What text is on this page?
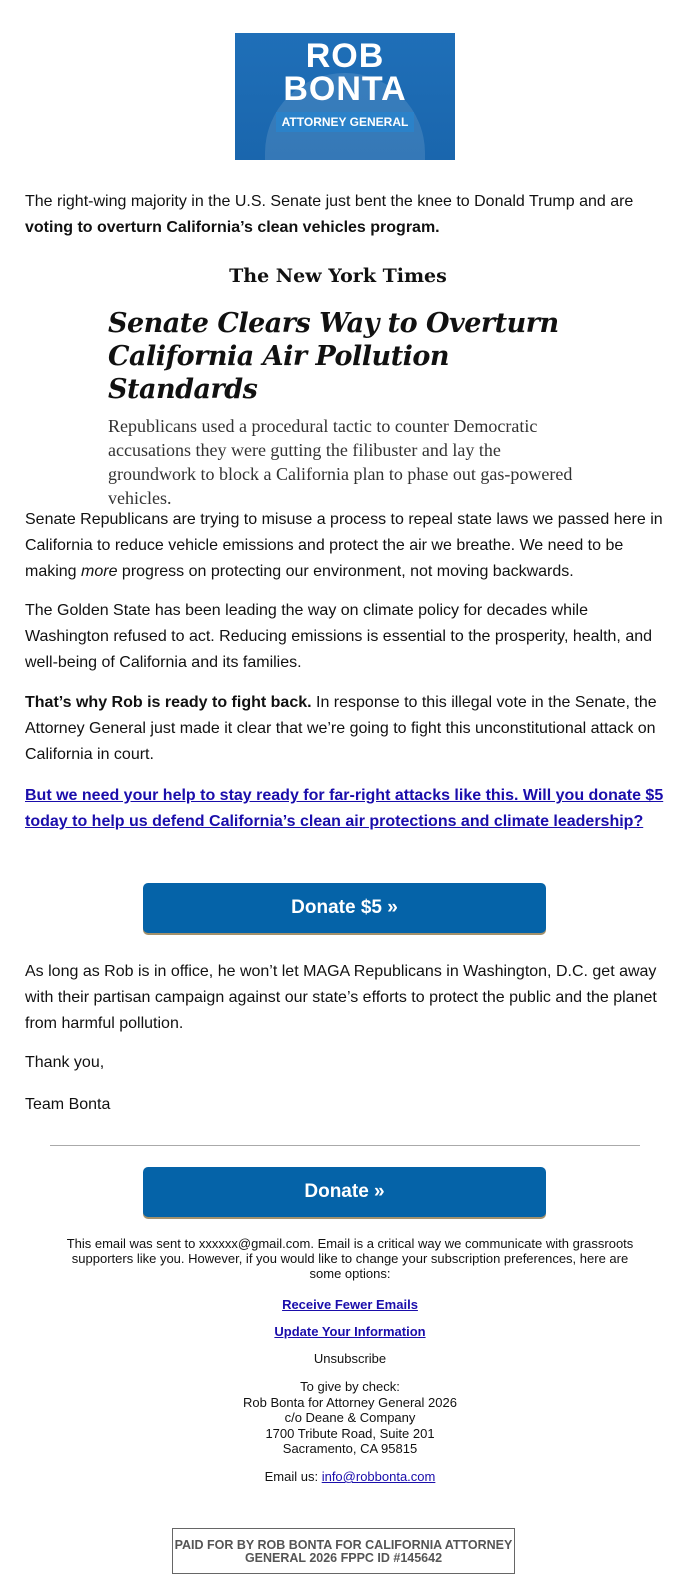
ROB
BONTA
ATTORNEY GENERAL

The right-wing majority in the U.S. Senate just bent the knee to Donald Trump and are voting to overturn California’s clean vehicles program.

The New York Times
Senate Clears Way to Overturn California Air Pollution Standards

Republicans used a procedural tactic to counter Democratic accusations they were gutting the filibuster and lay the groundwork to block a California plan to phase out gas-powered vehicles.

Senate Republicans are trying to misuse a process to repeal state laws we passed here in California to reduce vehicle emissions and protect the air we breathe. We need to be making more progress on protecting our environment, not moving backwards.

The Golden State has been leading the way on climate policy for decades while Washington refused to act. Reducing emissions is essential to the prosperity, health, and well-being of California and its families.

That’s why Rob is ready to fight back. In response to this illegal vote in the Senate, the Attorney General just made it clear that we’re going to fight this unconstitutional attack on California in court.

But we need your help to stay ready for far-right attacks like this. Will you donate $5 today to help us defend California’s clean air protections and climate leadership?

Donate $5 »

As long as Rob is in office, he won’t let MAGA Republicans in Washington, D.C. get away with their partisan campaign against our state’s efforts to protect the public and the planet from harmful pollution.

Thank you,

Team Bonta

Donate »
This email was sent to xxxxxx@gmail.com. Email is a critical way we communicate with grassroots supporters like you. However, if you would like to change your subscription preferences, here are some options:
Receive Fewer Emails
Update Your Information
Unsubscribe
To give by check:
Rob Bonta for Attorney General 2026
c/o Deane & Company
1700 Tribute Road, Suite 201
Sacramento, CA 95815
Email us: info@robbonta.com
PAID FOR BY ROB BONTA FOR CALIFORNIA ATTORNEY GENERAL 2026 FPPC ID #145642
